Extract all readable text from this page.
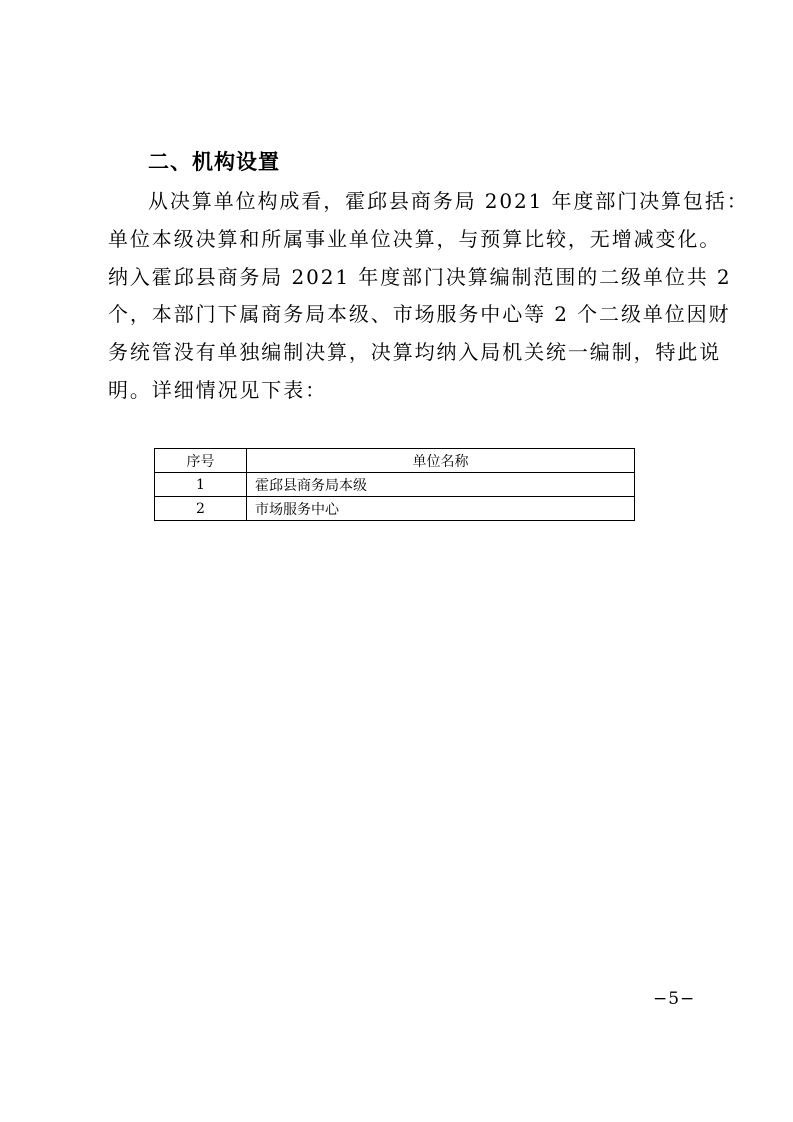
二、机构设置
从决算单位构成看，霍邱县商务局 2021 年度部门决算包括：
单位本级决算和所属事业单位决算，与预算比较，无增减变化。
纳入霍邱县商务局 2021 年度部门决算编制范围的二级单位共 2
个，本部门下属商务局本级、市场服务中心等 2 个二级单位因财
务统管没有单独编制决算，决算均纳入局机关统一编制，特此说
明。详细情况见下表：
序号	单位名称
1	霍邱县商务局本级
2	市场服务中心
−5−
